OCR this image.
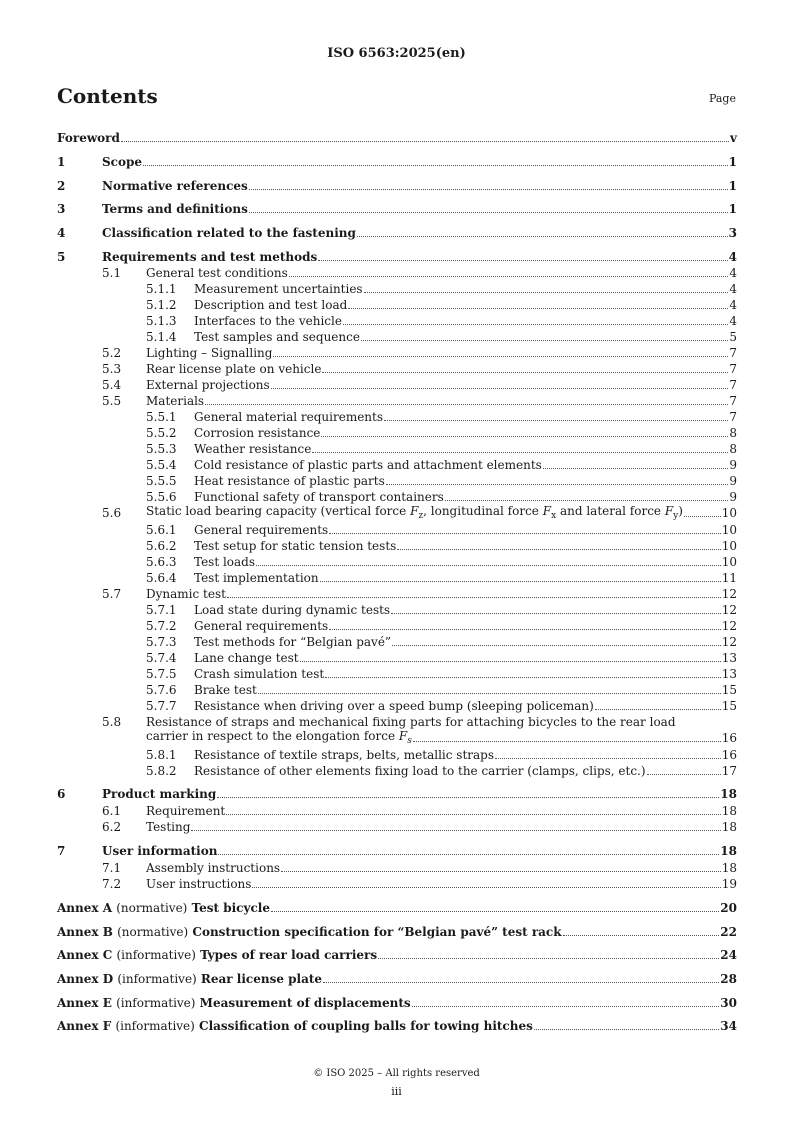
ISO 6563:2025(en)
Contents	Page
Foreword	v
1	Scope	1
2	Normative references	1
3	Terms and definitions	1
4	Classification related to the fastening	3
5	Requirements and test methods	4
5.1	General test conditions	4
5.1.1	Measurement uncertainties	4
5.1.2	Description and test load	4
5.1.3	Interfaces to the vehicle	4
5.1.4	Test samples and sequence	5
5.2	Lighting – Signalling	7
5.3	Rear license plate on vehicle	7
5.4	External projections	7
5.5	Materials	7
5.5.1	General material requirements	7
5.5.2	Corrosion resistance	8
5.5.3	Weather resistance	8
5.5.4	Cold resistance of plastic parts and attachment elements	9
5.5.5	Heat resistance of plastic parts	9
5.5.6	Functional safety of transport containers	9
5.6	Static load bearing capacity (vertical force $F_z$, longitudinal force $F_x$ and lateral force $F_y$)	10
5.6.1	General requirements	10
5.6.2	Test setup for static tension tests	10
5.6.3	Test loads	10
5.6.4	Test implementation	11
5.7	Dynamic test	12
5.7.1	Load state during dynamic tests	12
5.7.2	General requirements	12
5.7.3	Test methods for “Belgian pavé”	12
5.7.4	Lane change test	13
5.7.5	Crash simulation test	13
5.7.6	Brake test	15
5.7.7	Resistance when driving over a speed bump (sleeping policeman)	15
5.8 Resistance of straps and mechanical fixing parts for attaching bicycles to the rear load
carrier in respect to the elongation force $F_s$	16
5.8.1	Resistance of textile straps, belts, metallic straps	16
5.8.2	Resistance of other elements fixing load to the carrier (clamps, clips, etc.)	17
6	Product marking	18
6.1	Requirement	18
6.2	Testing	18
7	User information	18
7.1	Assembly instructions	18
7.2	User instructions	19
Annex A (normative) Test bicycle	20
Annex B (normative) Construction specification for “Belgian pavé” test rack	22
Annex C (informative) Types of rear load carriers	24
Annex D (informative) Rear license plate	28
Annex E (informative) Measurement of displacements	30
Annex F (informative) Classification of coupling balls for towing hitches	34
© ISO 2025 – All rights reserved
iii
